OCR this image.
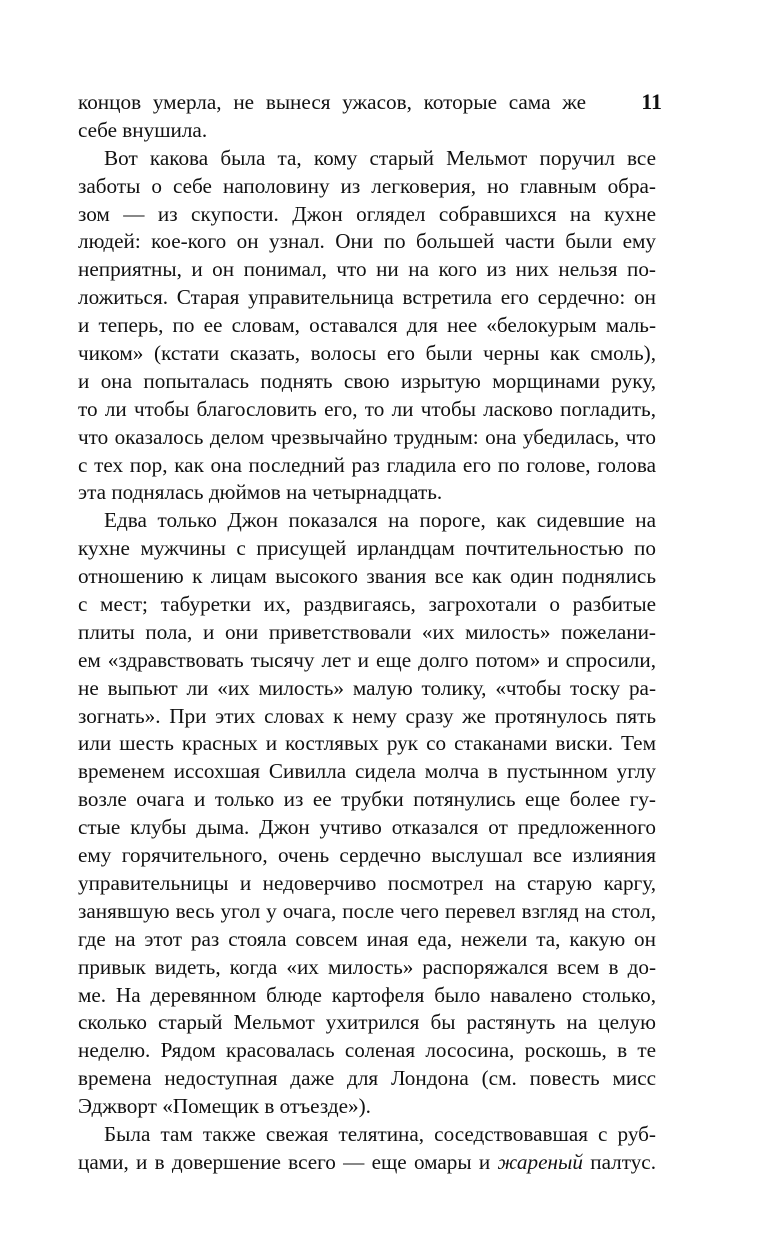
11
концов умерла, не вынеся ужасов, которые сама же
себе внушила.
Вот какова была та, кому старый Мельмот поручил все
заботы о себе наполовину из легковерия, но главным обра-
зом — из скупости. Джон оглядел собравшихся на кухне
людей: кое-кого он узнал. Они по большей части были ему
неприятны, и он понимал, что ни на кого из них нельзя по-
ложиться. Старая управительница встретила его сердечно: он
и теперь, по ее словам, оставался для нее «белокурым маль-
чиком» (кстати сказать, волосы его были черны как смоль),
и она попыталась поднять свою изрытую морщинами руку,
то ли чтобы благословить его, то ли чтобы ласково погладить,
что оказалось делом чрезвычайно трудным: она убедилась, что
с тех пор, как она последний раз гладила его по голове, голова
эта поднялась дюймов на четырнадцать.
Едва только Джон показался на пороге, как сидевшие на
кухне мужчины с присущей ирландцам почтительностью по
отношению к лицам высокого звания все как один поднялись
с мест; табуретки их, раздвигаясь, загрохотали о разбитые
плиты пола, и они приветствовали «их милость» пожелани-
ем «здравствовать тысячу лет и еще долго потом» и спросили,
не выпьют ли «их милость» малую толику, «чтобы тоску ра-
зогнать». При этих словах к нему сразу же протянулось пять
или шесть красных и костлявых рук со стаканами виски. Тем
временем иссохшая Сивилла сидела молча в пустынном углу
возле очага и только из ее трубки потянулись еще более гу-
стые клубы дыма. Джон учтиво отказался от предложенного
ему горячительного, очень сердечно выслушал все излияния
управительницы и недоверчиво посмотрел на старую каргу,
занявшую весь угол у очага, после чего перевел взгляд на стол,
где на этот раз стояла совсем иная еда, нежели та, какую он
привык видеть, когда «их милость» распоряжался всем в до-
ме. На деревянном блюде картофеля было навалено столько,
сколько старый Мельмот ухитрился бы растянуть на целую
неделю. Рядом красовалась соленая лососина, роскошь, в те
времена недоступная даже для Лондона (см. повесть мисс
Эджворт «Помещик в отъезде»).
Была там также свежая телятина, соседствовавшая с руб-
цами, и в довершение всего — еще омары и жареный палтус.
